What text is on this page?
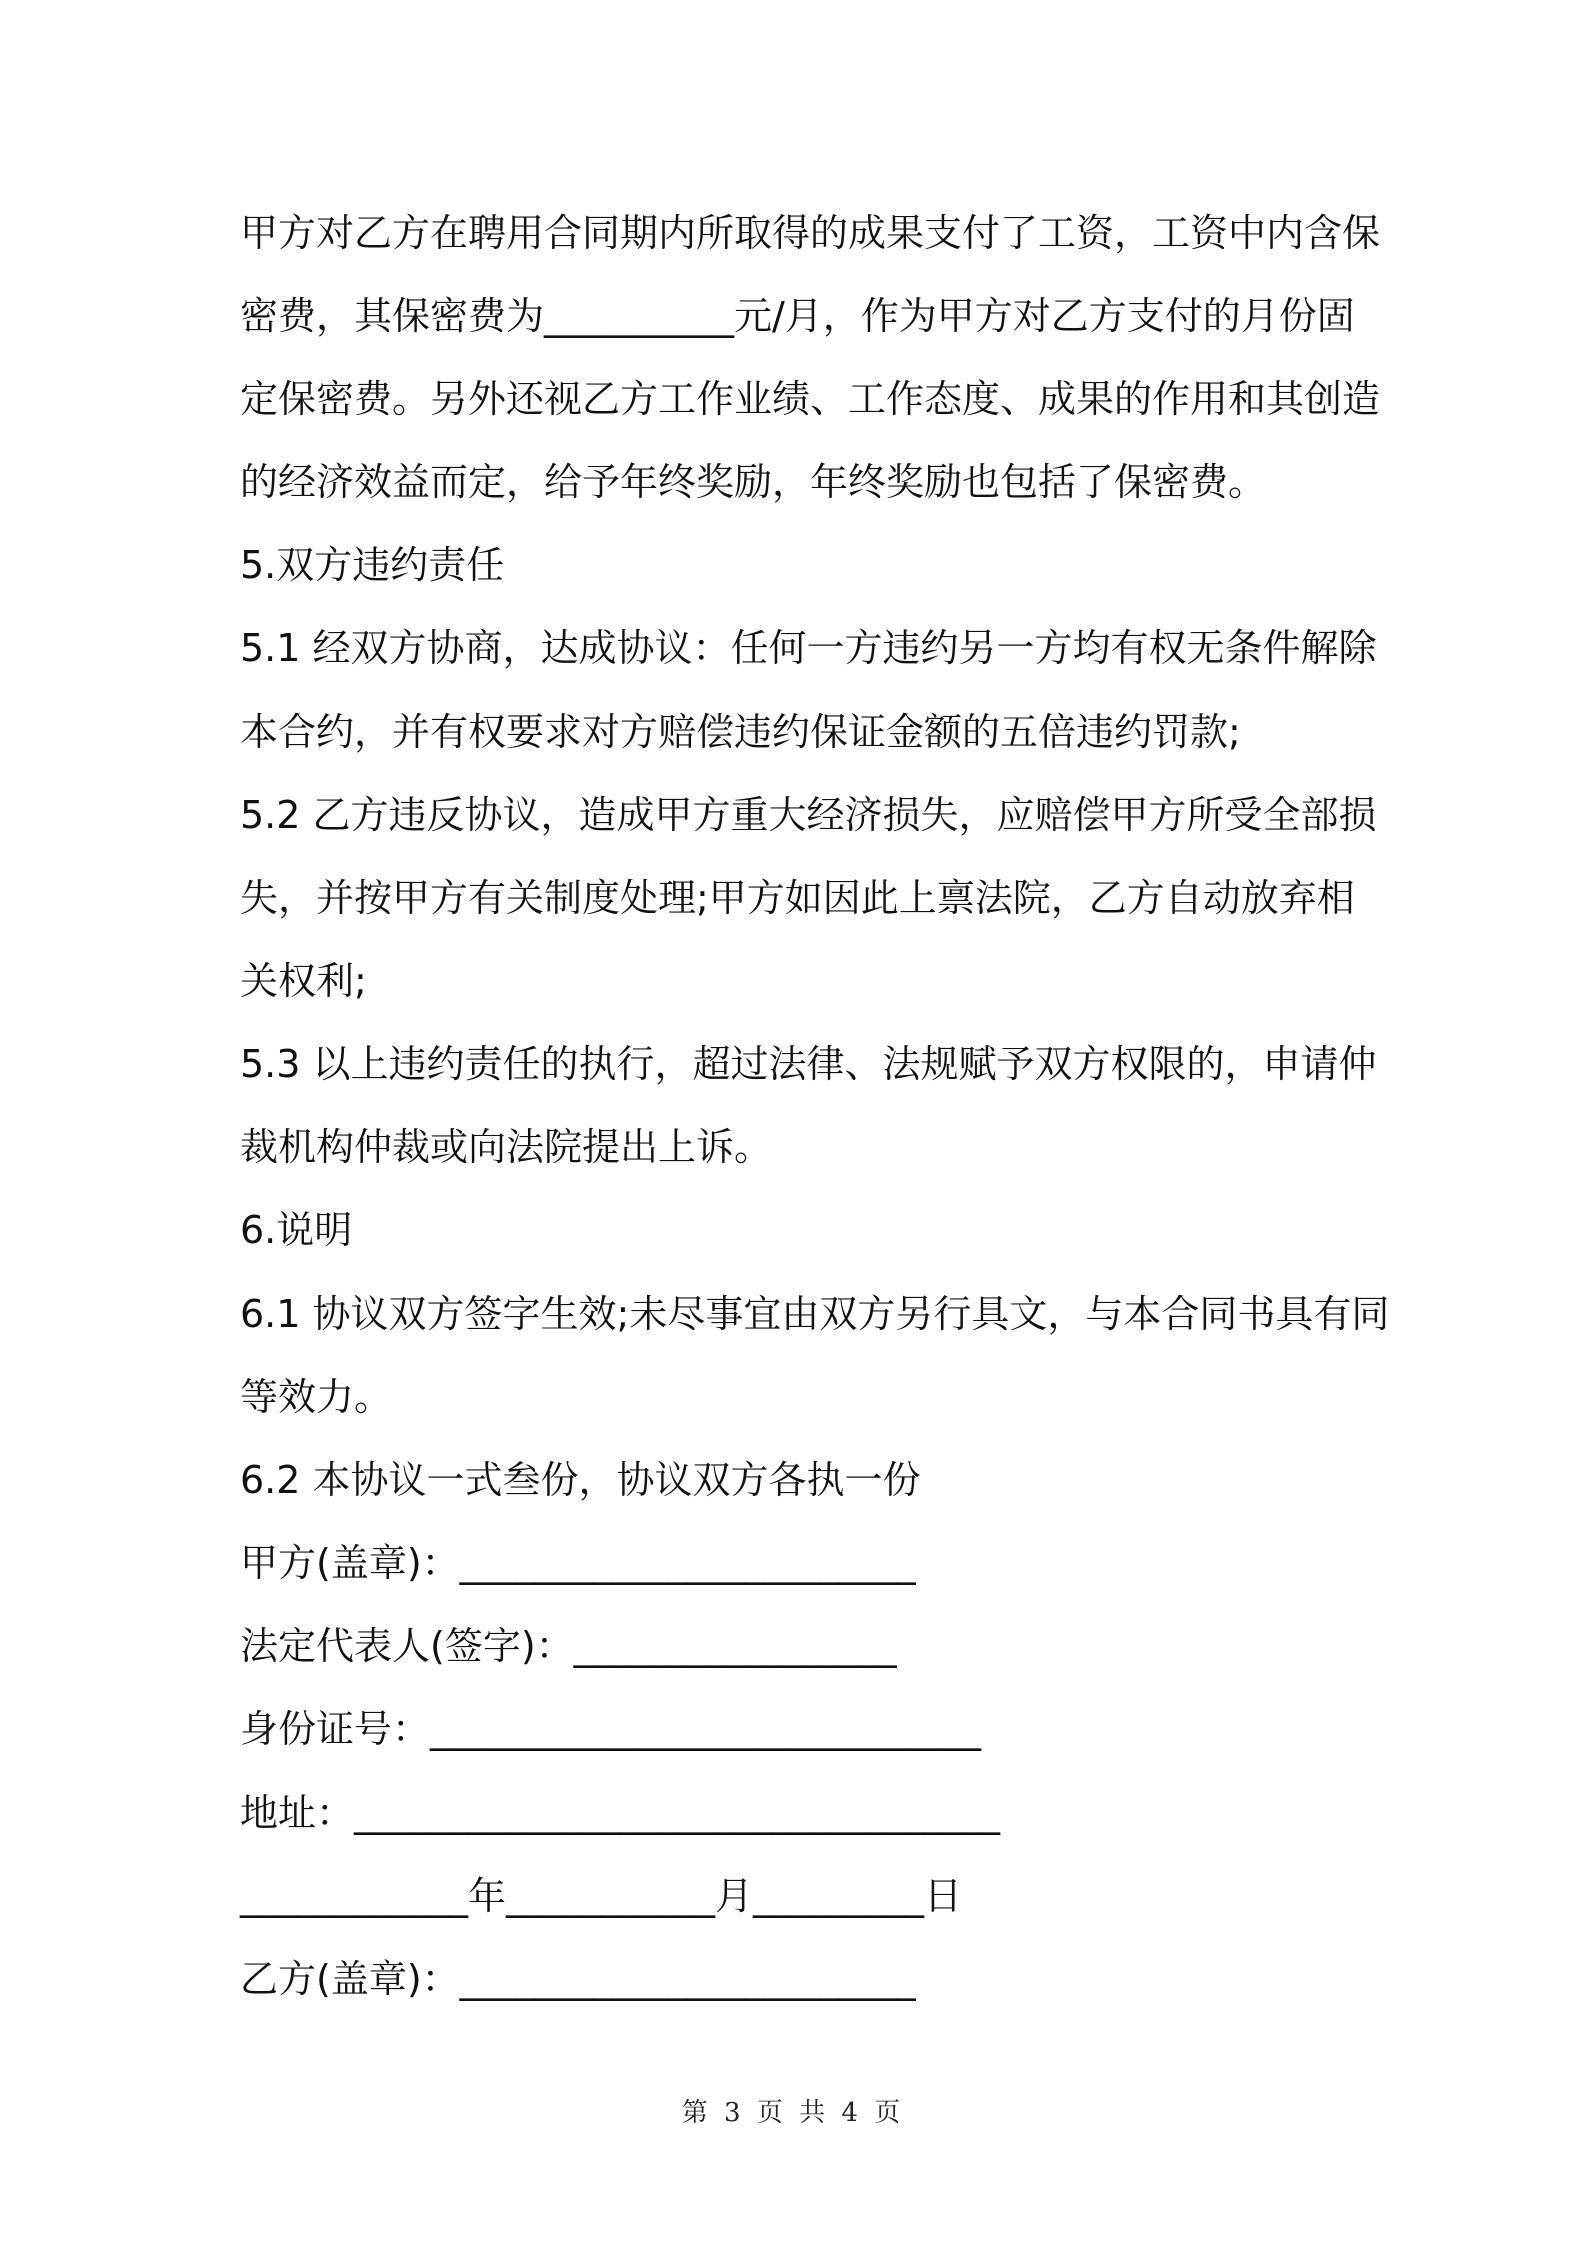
甲方对乙方在聘用合同期内所取得的成果支付了工资，工资中内含保
密费，其保密费为__________元/月，作为甲方对乙方支付的月份固
定保密费。另外还视乙方工作业绩、工作态度、成果的作用和其创造
的经济效益而定，给予年终奖励，年终奖励也包括了保密费。
5.双方违约责任
5.1 经双方协商，达成协议：任何一方违约另一方均有权无条件解除
本合约，并有权要求对方赔偿违约保证金额的五倍违约罚款;
5.2 乙方违反协议，造成甲方重大经济损失，应赔偿甲方所受全部损
失，并按甲方有关制度处理;甲方如因此上禀法院，乙方自动放弃相
关权利;
5.3 以上违约责任的执行，超过法律、法规赋予双方权限的，申请仲
裁机构仲裁或向法院提出上诉。
6.说明
6.1 协议双方签字生效;未尽事宜由双方另行具文，与本合同书具有同
等效力。
6.2 本协议一式叁份，协议双方各执一份
甲方(盖章)：________________________
法定代表人(签字)：_________________
身份证号：_____________________________
地址：__________________________________
____________年___________月_________日
乙方(盖章)：________________________
第 3 页 共 4 页
